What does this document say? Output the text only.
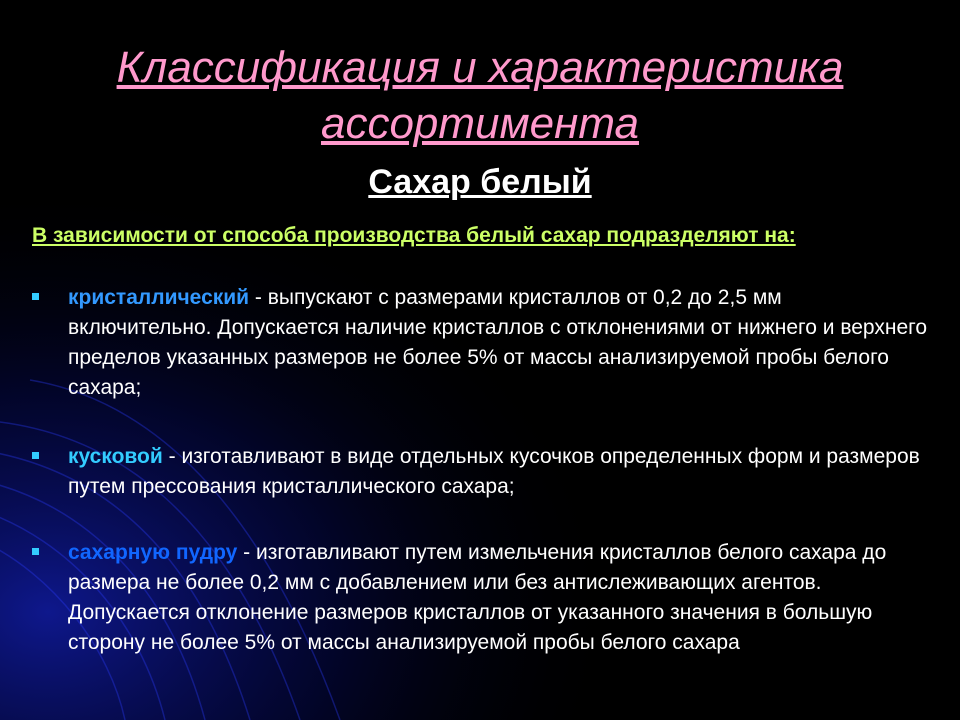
Классификация и характеристика ассортимента
Сахар белый
В зависимости от способа производства белый сахар подразделяют на:
кристаллический - выпускают с размерами кристаллов от 0,2 до 2,5 мм включительно. Допускается наличие кристаллов с отклонениями от нижнего и верхнего пределов указанных размеров не более 5% от массы анализируемой пробы белого сахара;
кусковой - изготавливают в виде отдельных кусочков определенных форм и размеров путем прессования кристаллического сахара;
сахарную пудру - изготавливают путем измельчения кристаллов белого сахара до размера не более 0,2 мм с добавлением или без антислеживающих агентов. Допускается отклонение размеров кристаллов от указанного значения в большую сторону не более 5% от массы анализируемой пробы белого сахара
